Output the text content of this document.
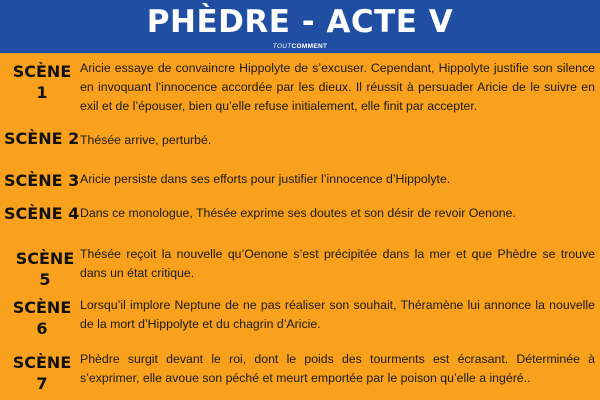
PHÈDRE - ACTE V
TOUTCOMMENT
SCÈNE
1
Aricie essaye de convaincre Hippolyte de s’excuser. Cependant, Hippolyte justifie son silence en invoquant l’innocence accordée par les dieux. Il réussit à persuader Aricie de le suivre en exil et de l’épouser, bien qu’elle refuse initialement, elle finit par accepter.
SCÈNE 2 Thésée arrive, perturbé.
SCÈNE 3 Aricie persiste dans ses efforts pour justifier l’innocence d’Hippolyte.
SCÈNE 4 Dans ce monologue, Thésée exprime ses doutes et son désir de revoir Oenone.
SCÈNE
5
Thésée reçoit la nouvelle qu’Oenone s’est précipitée dans la mer et que Phèdre se trouve dans un état critique.
SCÈNE
6
Lorsqu’il implore Neptune de ne pas réaliser son souhait, Théramène lui annonce la nouvelle de la mort d’Hippolyte et du chagrin d’Aricie.
SCÈNE
7
Phèdre surgit devant le roi, dont le poids des tourments est écrasant. Déterminée à s’exprimer, elle avoue son péché et meurt emportée par le poison qu’elle a ingéré..
